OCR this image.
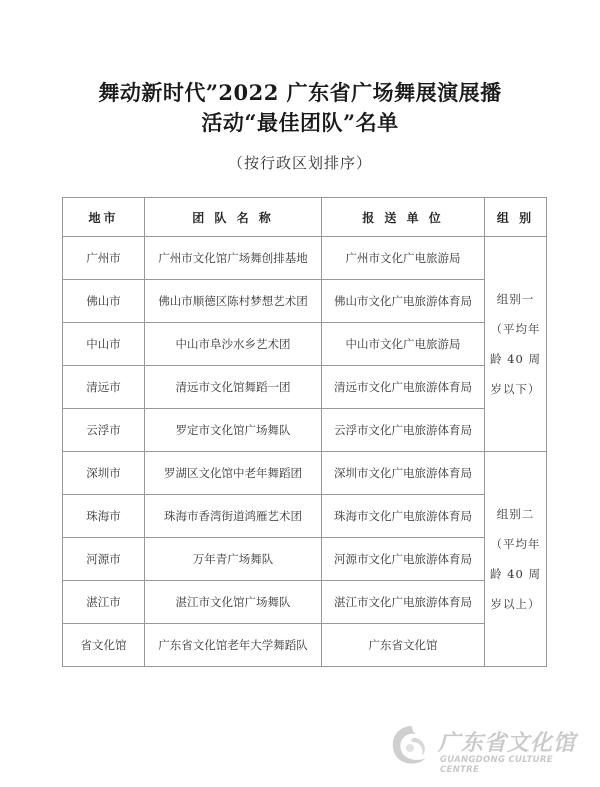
舞动新时代”2022 广东省广场舞展演展播
活动“最佳团队”名单
（按行政区划排序）
地市	团 队 名 称	报 送 单 位	组 别
广州市	广州市文化馆广场舞创排基地	广州市文化广电旅游局	组别一（平均年龄 40 周岁以下）
佛山市	佛山市顺德区陈村梦想艺术团	佛山市文化广电旅游体育局	
中山市	中山市阜沙水乡艺术团	中山市文化广电旅游局	
清远市	清远市文化馆舞蹈一团	清远市文化广电旅游体育局	
云浮市	罗定市文化馆广场舞队	云浮市文化广电旅游体育局	
深圳市	罗湖区文化馆中老年舞蹈团	深圳市文化广电旅游体育局	组别二（平均年龄 40 周岁以上）
珠海市	珠海市香湾街道鸿雁艺术团	珠海市文化广电旅游体育局	
河源市	万年青广场舞队	河源市文化广电旅游体育局	
湛江市	湛江市文化馆广场舞队	湛江市文化广电旅游体育局	
省文化馆	广东省文化馆老年大学舞蹈队	广东省文化馆	
广东省文化馆
GUANGDONG CULTURE CENTRE
